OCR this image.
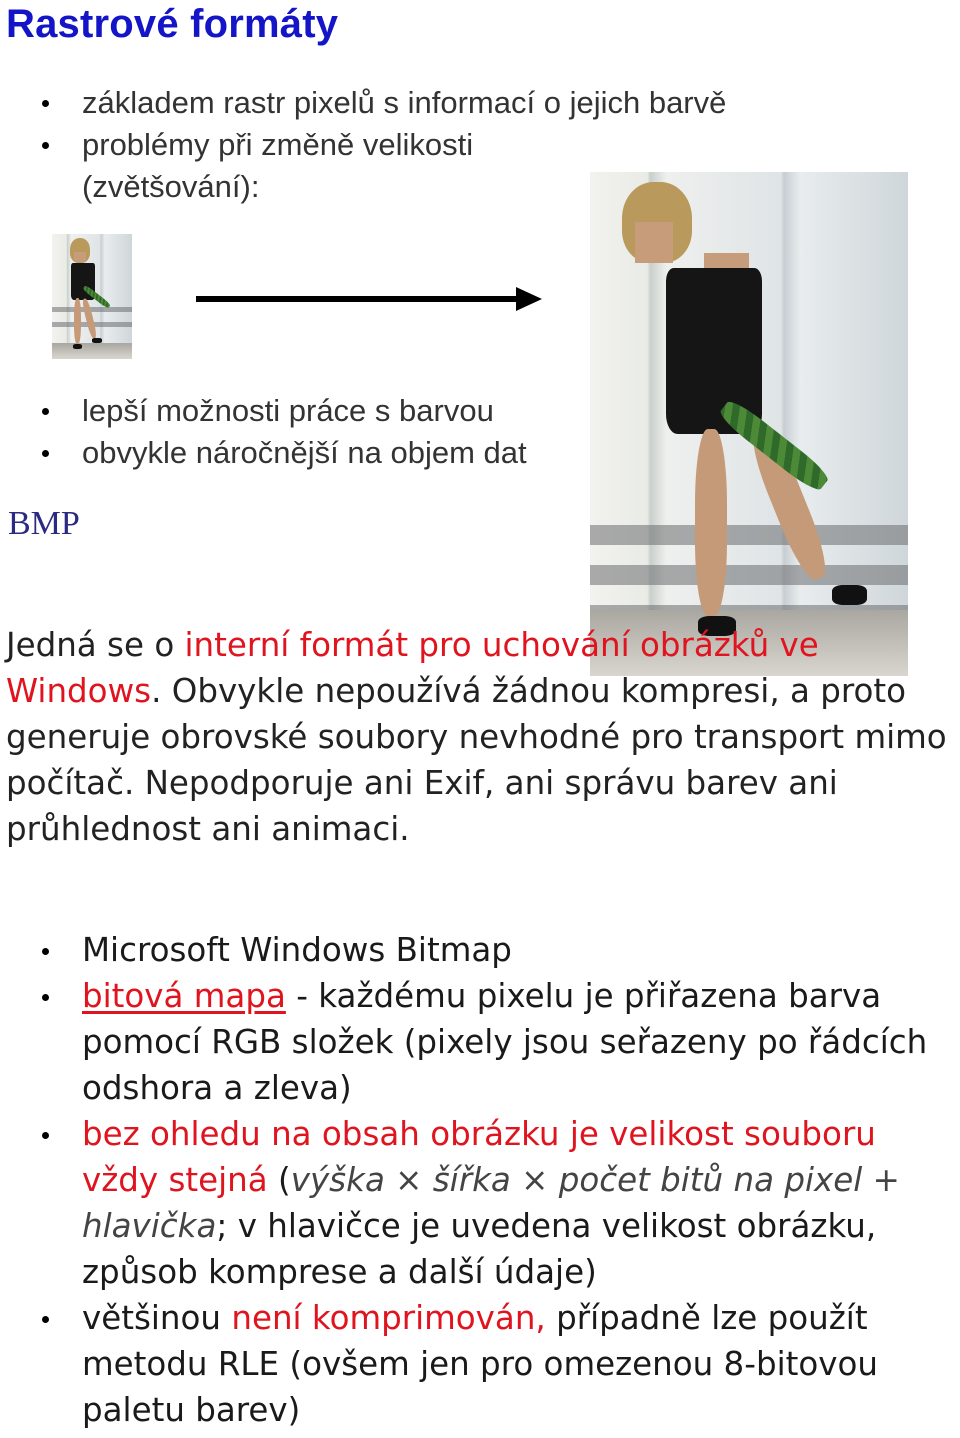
Rastrové formáty
základem rastr pixelů s informací o jejich barvě
problémy při změně velikosti
(zvětšování):
lepší možnosti práce s barvou
obvykle náročnější na objem dat
BMP
Jedná se o interní formát pro uchování obrázků ve Windows. Obvykle nepoužívá žádnou kompresi, a proto generuje obrovské soubory nevhodné pro transport mimo počítač. Nepodporuje ani Exif, ani správu barev ani průhlednost ani animaci.
Microsoft Windows Bitmap
bitová mapa - každému pixelu je přiřazena barva pomocí RGB složek (pixely jsou seřazeny po řádcích odshora a zleva)
bez ohledu na obsah obrázku je velikost souboru vždy stejná (výška × šířka × počet bitů na pixel + hlavička; v hlavičce je uvedena velikost obrázku, způsob komprese a další údaje)
většinou není komprimován, případně lze použít metodu RLE (ovšem jen pro omezenou 8-bitovou paletu barev)
